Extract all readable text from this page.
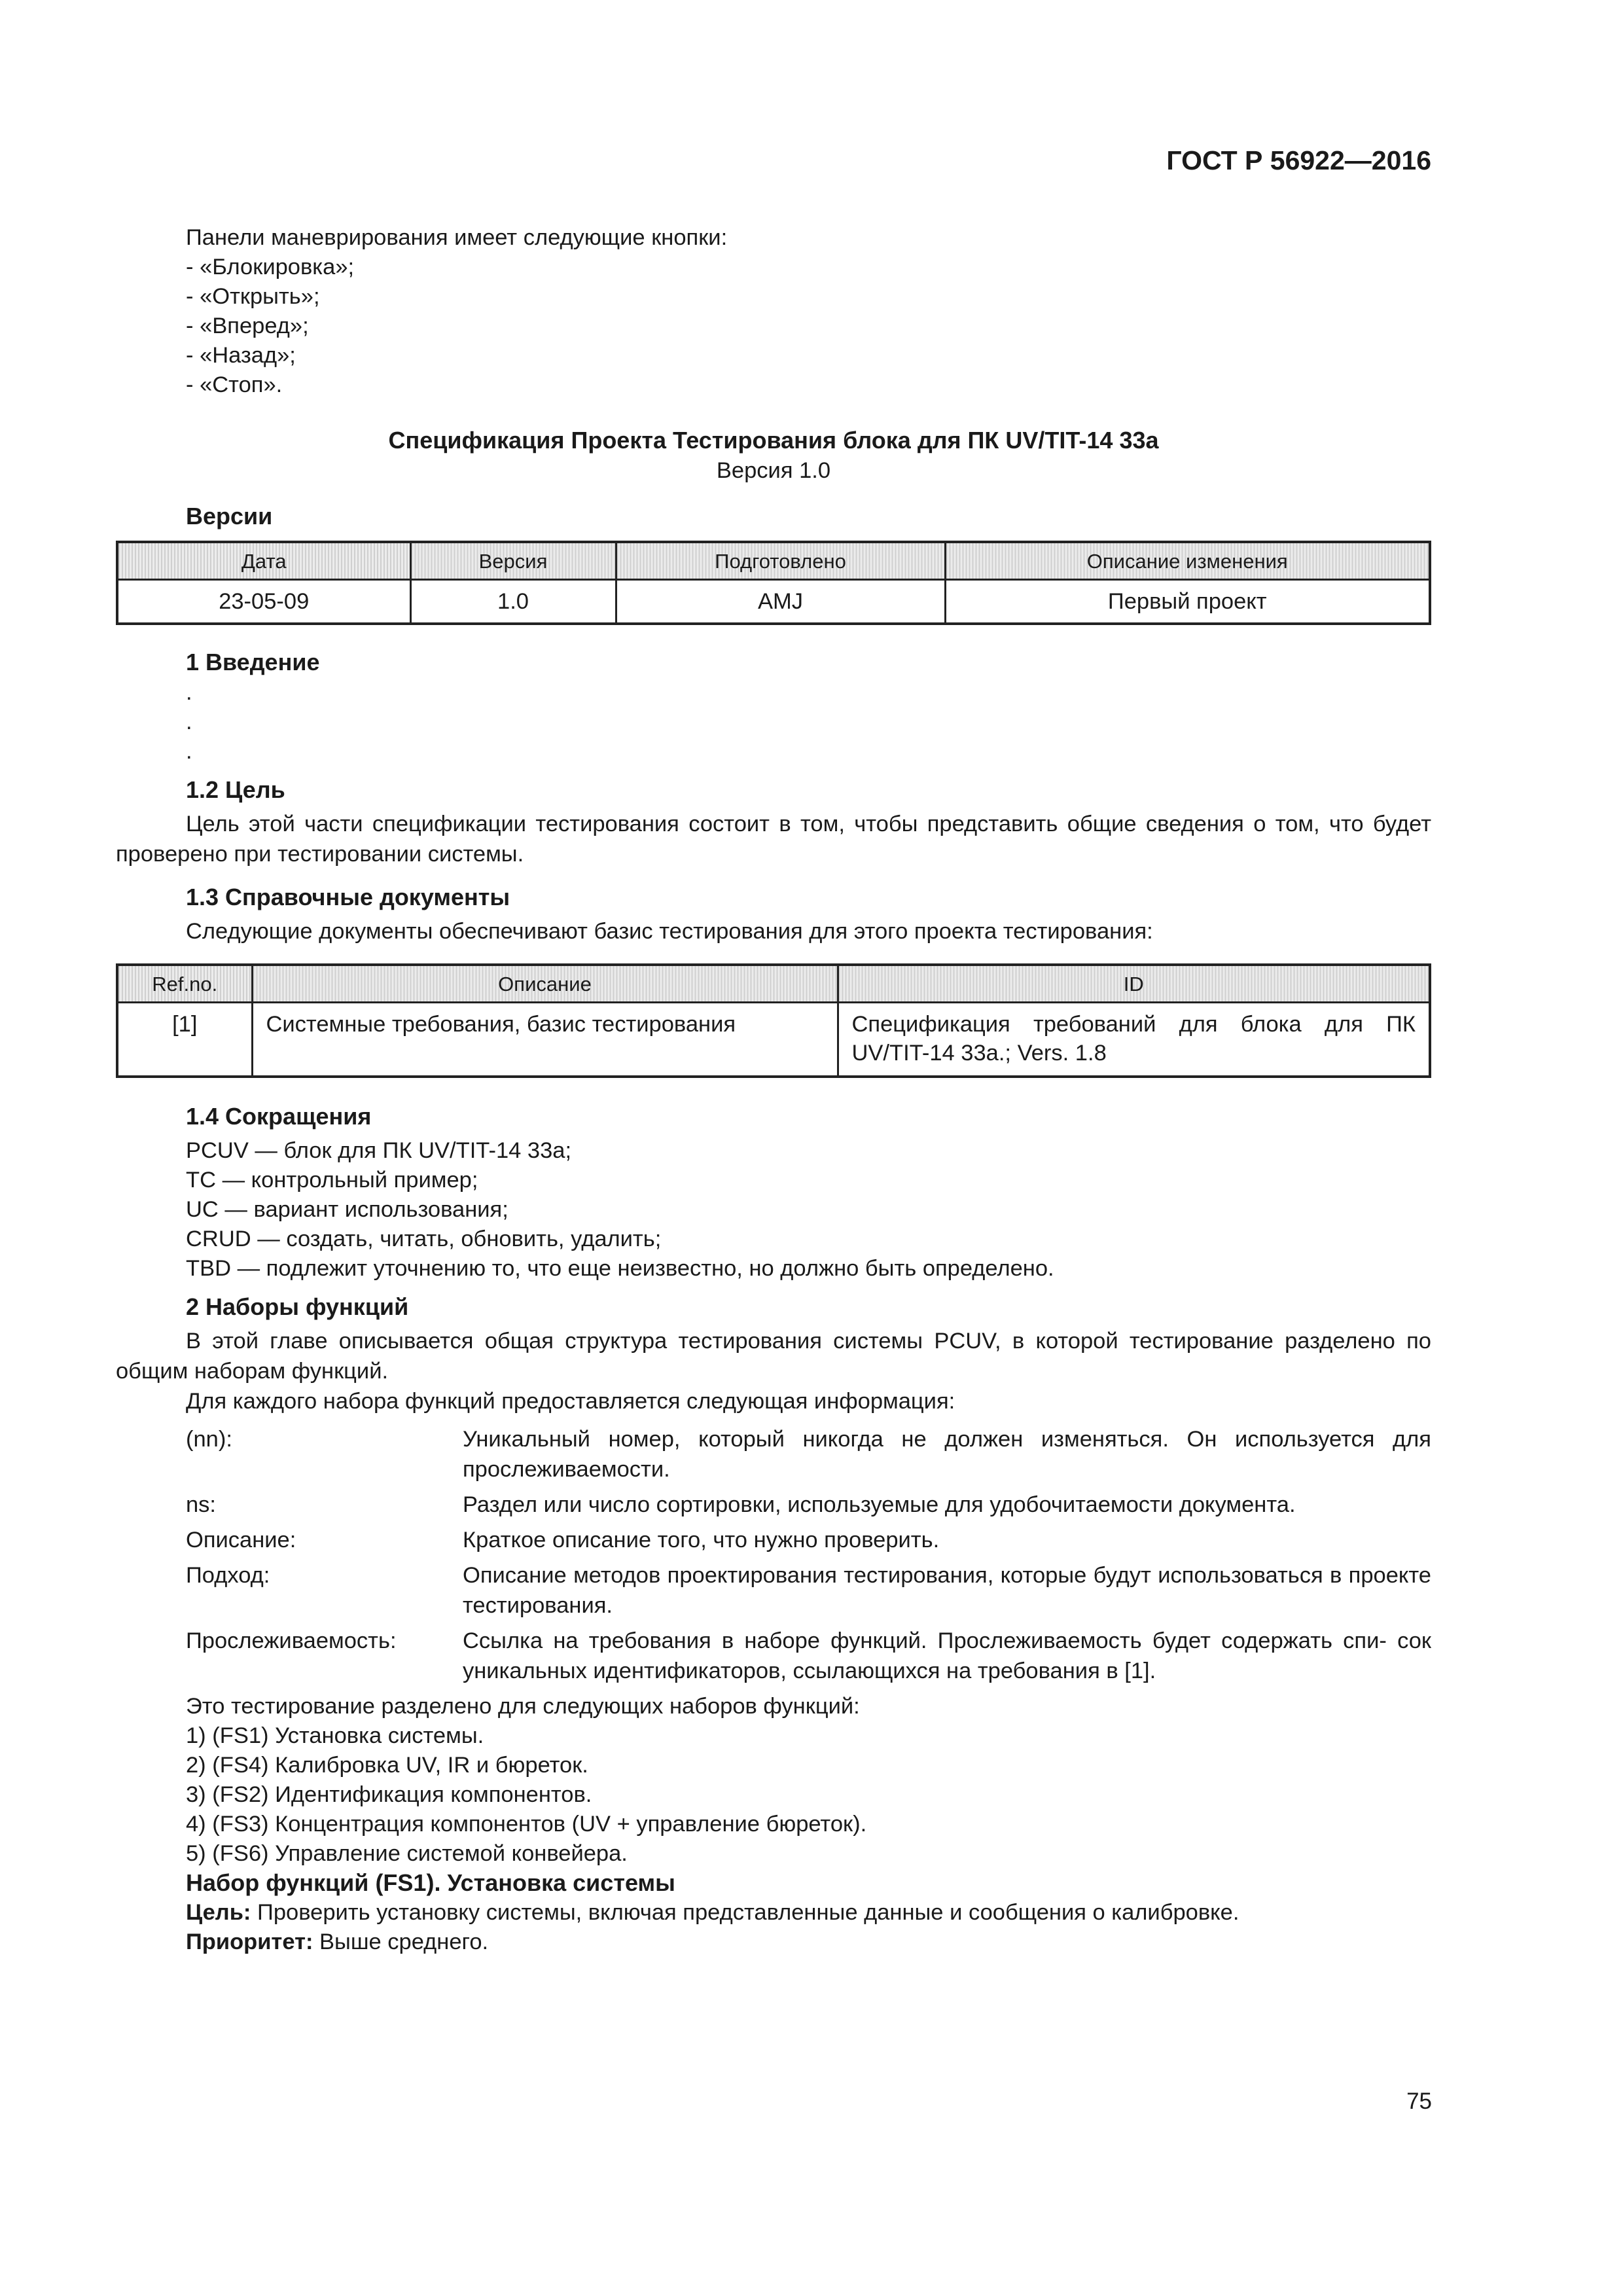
ГОСТ Р 56922—2016
Панели маневрирования имеет следующие кнопки:
- «Блокировка»;
- «Открыть»;
- «Вперед»;
- «Назад»;
- «Стоп».
Спецификация Проекта Тестирования блока для ПК UV/TIT-14 33a
Версия 1.0
Версии
Дата	Версия	Подготовлено	Описание изменения
23-05-09	1.0	AMJ	Первый проект
1 Введение
.
.
.
1.2 Цель
Цель этой части спецификации тестирования состоит в том, чтобы представить общие сведения о том, что будет проверено при тестировании системы.
1.3 Справочные документы
Следующие документы обеспечивают базис тестирования для этого проекта тестирования:
Ref.no.	Описание	ID
[1]	Системные требования, базис тестирования	Спецификация требований для блока для ПК UV/TIT-14 33a.; Vers. 1.8
1.4 Сокращения
PCUV — блок для ПК UV/TIT-14 33a;
TC — контрольный пример;
UC — вариант использования;
CRUD — создать, читать, обновить, удалить;
TBD — подлежит уточнению то, что еще неизвестно, но должно быть определено.
2 Наборы функций
В этой главе описывается общая структура тестирования системы PCUV, в которой тестирование разделено по общим наборам функций.
Для каждого набора функций предоставляется следующая информация:
(nn):	Уникальный номер, который никогда не должен изменяться. Он используется для прослеживаемости.
ns:	Раздел или число сортировки, используемые для удобочитаемости документа.
Описание:	Краткое описание того, что нужно проверить.
Подход:	Описание методов проектирования тестирования, которые будут использоваться в проекте тестирования.
Прослеживаемость:	Ссылка на требования в наборе функций. Прослеживаемость будет содержать спи- сок уникальных идентификаторов, ссылающихся на требования в [1].
Это тестирование разделено для следующих наборов функций:
1) (FS1) Установка системы.
2) (FS4) Калибровка UV, IR и бюреток.
3) (FS2) Идентификация компонентов.
4) (FS3) Концентрация компонентов (UV + управление бюреток).
5) (FS6) Управление системой конвейера.
Набор функций (FS1). Установка системы
Цель: Проверить установку системы, включая представленные данные и сообщения о калибровке.
Приоритет: Выше среднего.
75
